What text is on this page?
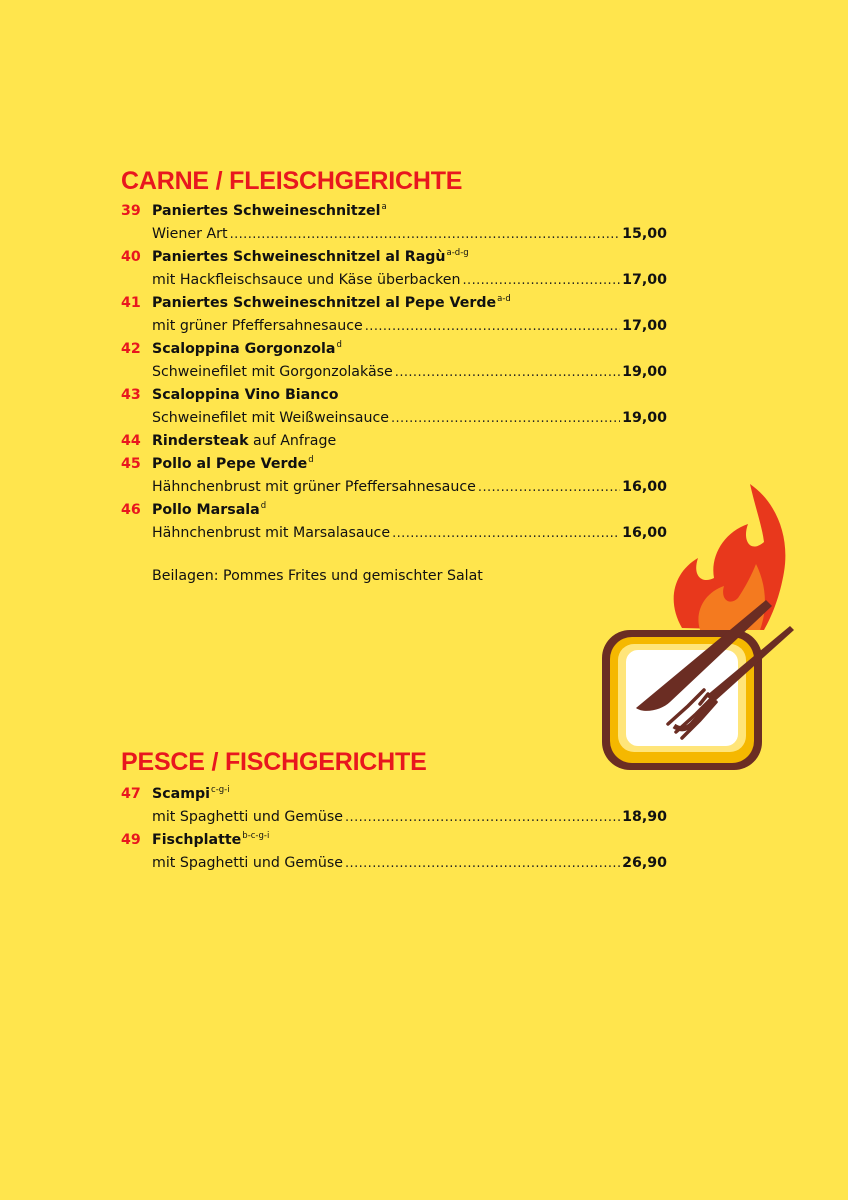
CARNE / FLEISCHGERICHTE
39 Paniertes Schweineschnitzel$^a$
Wiener Art .....	15,00
40 Paniertes Schweineschnitzel al Ragù$^{a-d-g}$
mit Hackfleischsauce und Käse überbacken .....	17,00
41 Paniertes Schweineschnitzel al Pepe Verde$^{a-d}$
mit grüner Pfeffersahnesauce .....	17,00
42 Scaloppina Gorgonzola$^d$
Schweinefilet mit Gorgonzolakäse .....	19,00
43 Scaloppina Vino Bianco
Schweinefilet mit Weißweinsauce .....	19,00
44 Rindersteak auf Anfrage
45 Pollo al Pepe Verde$^d$
Hähnchenbrust mit grüner Pfeffersahnesauce .....	16,00
46 Pollo Marsala$^d$
Hähnchenbrust mit Marsalasauce .....	16,00
Beilagen: Pommes Frites und gemischter Salat
PESCE / FISCHGERICHTE
47 Scampi$^{c-g-i}$
mit Spaghetti und Gemüse .....	18,90
49 Fischplatte$^{b-c-g-i}$
mit Spaghetti und Gemüse .....	26,90
